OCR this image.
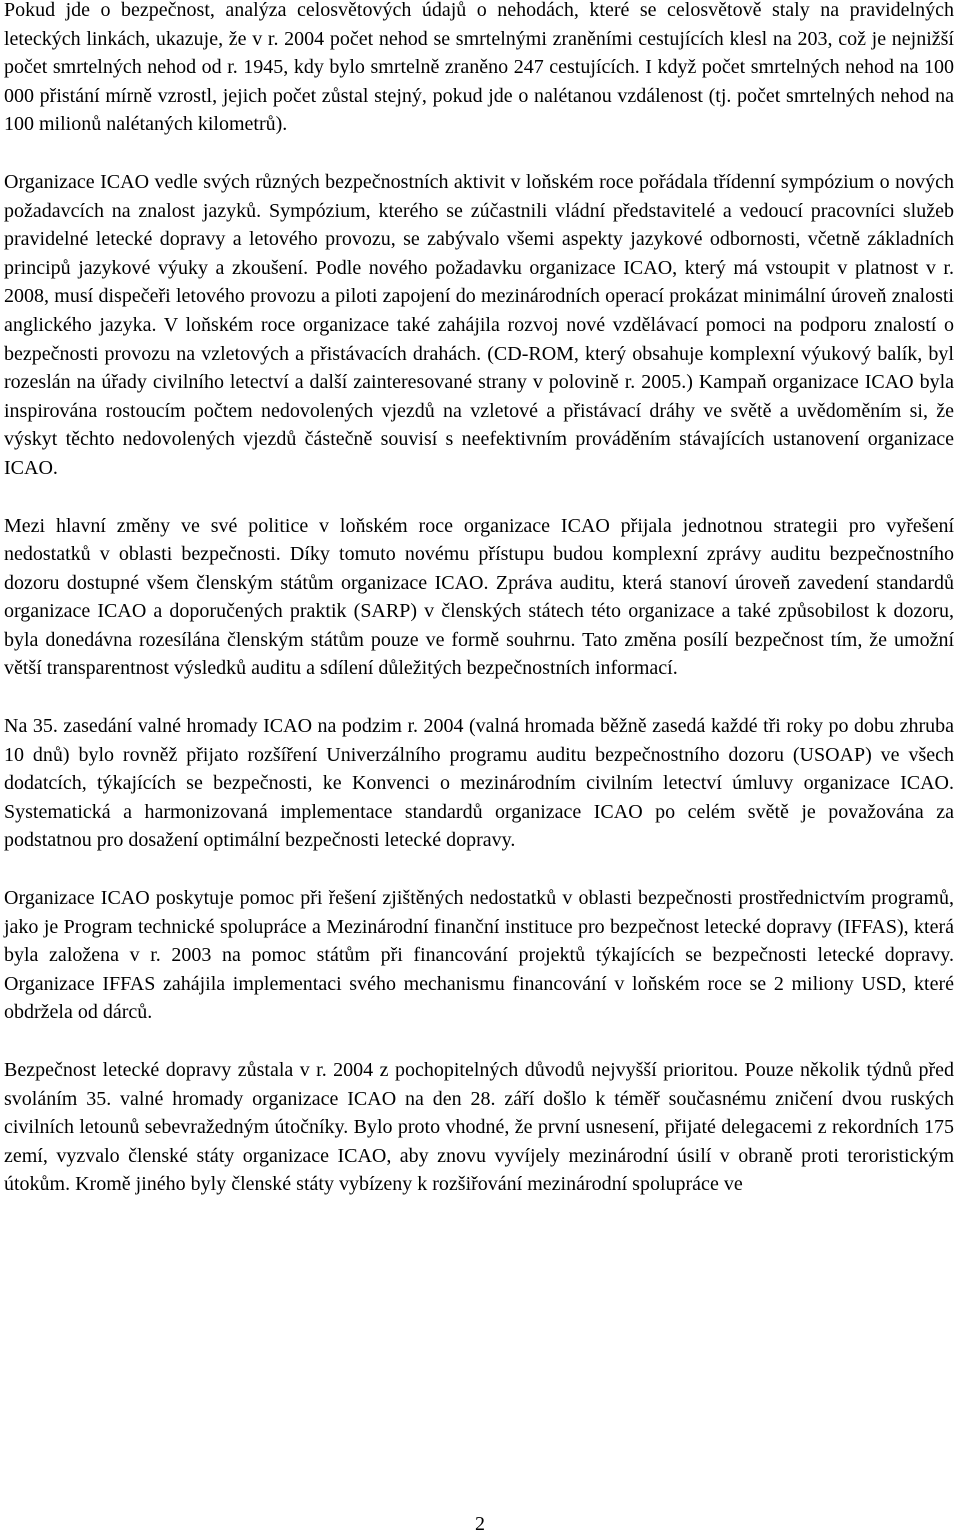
Pokud jde o bezpečnost, analýza celosvětových údajů o nehodách, které se celosvětově staly na pravidelných leteckých linkách, ukazuje, že v r. 2004 počet nehod se smrtelnými zraněními cestujících klesl na 203, což je nejnižší počet smrtelných nehod od r. 1945, kdy bylo smrtelně zraněno 247 cestujících. I když počet smrtelných nehod na 100 000 přistání mírně vzrostl, jejich počet zůstal stejný, pokud jde o nalétanou vzdálenost (tj. počet smrtelných nehod na 100 milionů nalétaných kilometrů).

Organizace ICAO vedle svých různých bezpečnostních aktivit v loňském roce pořádala třídenní sympózium o nových požadavcích na znalost jazyků. Sympózium, kterého se zúčastnili vládní představitelé a vedoucí pracovníci služeb pravidelné letecké dopravy a letového provozu, se zabývalo všemi aspekty jazykové odbornosti, včetně základních principů jazykové výuky a zkoušení. Podle nového požadavku organizace ICAO, který má vstoupit v platnost v r. 2008, musí dispečeři letového provozu a piloti zapojení do mezinárodních operací prokázat minimální úroveň znalosti anglického jazyka. V loňském roce organizace také zahájila rozvoj nové vzdělávací pomoci na podporu znalostí o bezpečnosti provozu na vzletových a přistávacích drahách. (CD-ROM, který obsahuje komplexní výukový balík, byl rozeslán na úřady civilního letectví a další zainteresované strany v polovině r. 2005.) Kampaň organizace ICAO byla inspirována rostoucím počtem nedovolených vjezdů na vzletové a přistávací dráhy ve světě a uvědoměním si, že výskyt těchto nedovolených vjezdů částečně souvisí s neefektivním prováděním stávajících ustanovení organizace ICAO.

Mezi hlavní změny ve své politice v loňském roce organizace ICAO přijala jednotnou strategii pro vyřešení nedostatků v oblasti bezpečnosti. Díky tomuto novému přístupu budou komplexní zprávy auditu bezpečnostního dozoru dostupné všem členským státům organizace ICAO. Zpráva auditu, která stanoví úroveň zavedení standardů organizace ICAO a doporučených praktik (SARP) v členských státech této organizace a také způsobilost k dozoru, byla donedávna rozesílána členským státům pouze ve formě souhrnu. Tato změna posílí bezpečnost tím, že umožní větší transparentnost výsledků auditu a sdílení důležitých bezpečnostních informací.

Na 35. zasedání valné hromady ICAO na podzim r. 2004 (valná hromada běžně zasedá každé tři roky po dobu zhruba 10 dnů) bylo rovněž přijato rozšíření Univerzálního programu auditu bezpečnostního dozoru (USOAP) ve všech dodatcích, týkajících se bezpečnosti, ke Konvenci o mezinárodním civilním letectví úmluvy organizace ICAO. Systematická a harmonizovaná implementace standardů organizace ICAO po celém světě je považována za podstatnou pro dosažení optimální bezpečnosti letecké dopravy.

Organizace ICAO poskytuje pomoc při řešení zjištěných nedostatků v oblasti bezpečnosti prostřednictvím programů, jako je Program technické spolupráce a Mezinárodní finanční instituce pro bezpečnost letecké dopravy (IFFAS), která byla založena v r. 2003 na pomoc státům při financování projektů týkajících se bezpečnosti letecké dopravy. Organizace IFFAS zahájila implementaci svého mechanismu financování v loňském roce se 2 miliony USD, které obdržela od dárců.

Bezpečnost letecké dopravy zůstala v r. 2004 z pochopitelných důvodů nejvyšší prioritou. Pouze několik týdnů před svoláním 35. valné hromady organizace ICAO na den 28. září došlo k téměř současnému zničení dvou ruských civilních letounů sebevražedným útočníky. Bylo proto vhodné, že první usnesení, přijaté delegacemi z rekordních 175 zemí, vyzvalo členské státy organizace ICAO, aby znovu vyvíjely mezinárodní úsilí v obraně proti teroristickým útokům. Kromě jiného byly členské státy vybízeny k rozšiřování mezinárodní spolupráce ve

2
